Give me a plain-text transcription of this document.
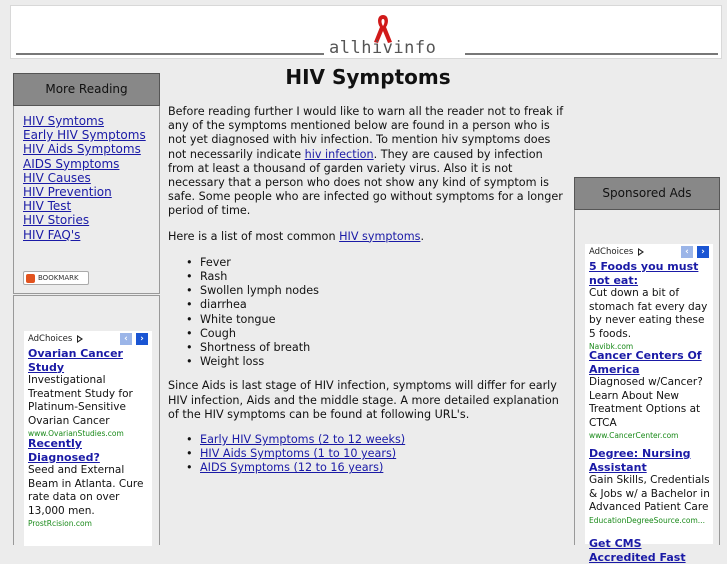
allhivinfo
More Reading
HIV Symtoms
Early HIV Symptoms
HIV Aids Symptoms
AIDS Symptoms
HIV Causes
HIV Prevention
HIV Test
HIV Stories
HIV FAQ's
BOOKMARK
AdChoices	‹	›
Ovarian Cancer Study
Investigational Treatment Study for Platinum-Sensitive Ovarian Cancer
www.OvarianStudies.com
Recently Diagnosed?
Seed and External Beam in Atlanta. Cure rate data on over 13,000 men.
ProstRcision.com
HIV Symptoms

Before reading further I would like to warn all the reader not to freak if any of the symptoms mentioned below are found in a person who is not yet diagnosed with hiv infection. To mention hiv symptoms does not necessarily indicate hiv infection. They are caused by infection from at least a thousand of garden variety virus. Also it is not necessary that a person who does not show any kind of symptom is safe. Some people who are infected go without symptoms for a longer period of time.

Here is a list of most common HIV symptoms.

• Fever
• Rash
• Swollen lymph nodes
• diarrhea
• White tongue
• Cough
• Shortness of breath
• Weight loss

Since Aids is last stage of HIV infection, symptoms will differ for early HIV infection, Aids and the middle stage. A more detailed explanation of the HIV symptoms can be found at following URL's.

• Early HIV Symptoms (2 to 12 weeks)
• HIV Aids Symptoms (1 to 10 years)
• AIDS Symptoms (12 to 16 years)
Sponsored Ads
AdChoices	‹	›
5 Foods you must not eat:
Cut down a bit of stomach fat every day by never eating these 5 foods.
Navibk.com
Cancer Centers Of America
Diagnosed w/Cancer? Learn About New Treatment Options at CTCA
www.CancerCenter.com
Degree: Nursing Assistant
Gain Skills, Credentials & Jobs w/ a Bachelor in Advanced Patient Care
EducationDegreeSource.com...
Get CMS Accredited Fast
